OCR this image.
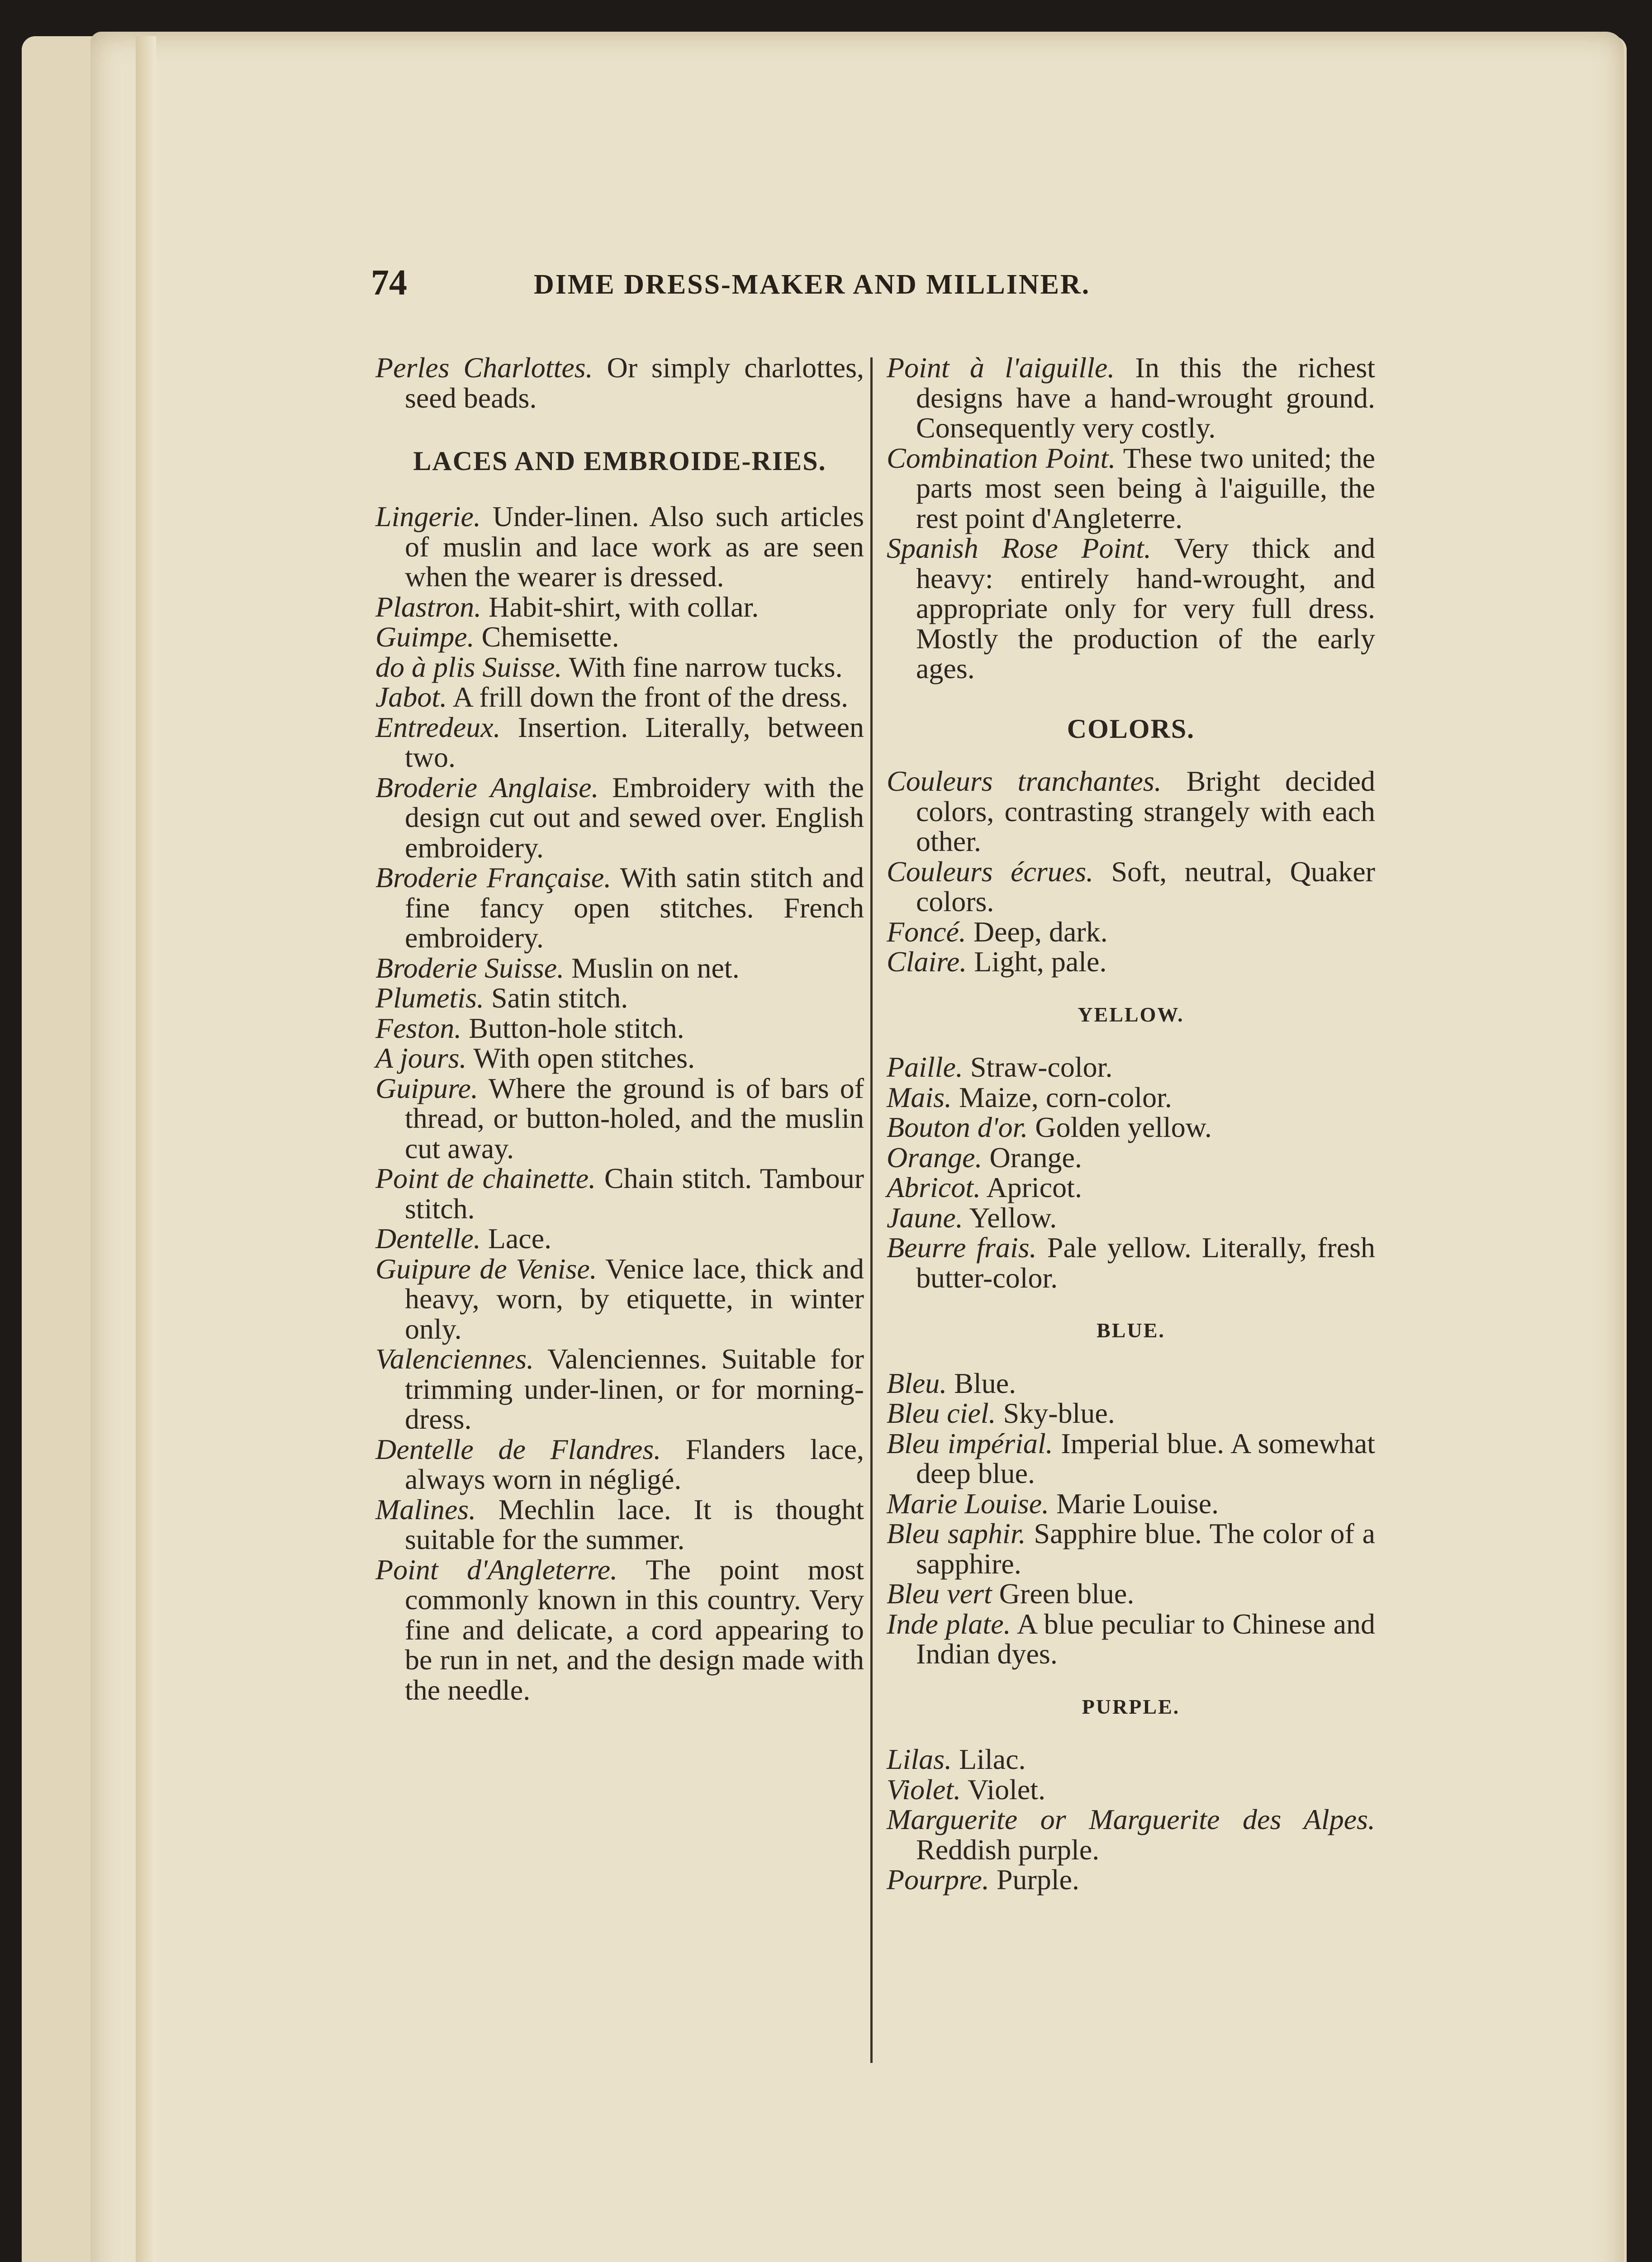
74	DIME DRESS-MAKER AND MILLINER.
Perles Charlottes. Or simply charlottes, seed beads.
LACES AND EMBROIDE-RIES.
Lingerie. Under-linen. Also such articles of muslin and lace work as are seen when the wearer is dressed.
Plastron. Habit-shirt, with collar.
Guimpe. Chemisette.
do à plis Suisse. With fine narrow tucks.
Jabot. A frill down the front of the dress.
Entredeux. Insertion. Literally, between two.
Broderie Anglaise. Embroidery with the design cut out and sewed over. English embroidery.
Broderie Française. With satin stitch and fine fancy open stitches. French embroidery.
Broderie Suisse. Muslin on net.
Plumetis. Satin stitch.
Feston. Button-hole stitch.
A jours. With open stitches.
Guipure. Where the ground is of bars of thread, or button-holed, and the muslin cut away.
Point de chainette. Chain stitch. Tambour stitch.
Dentelle. Lace.
Guipure de Venise. Venice lace, thick and heavy, worn, by etiquette, in winter only.
Valenciennes. Valenciennes. Suitable for trimming under-linen, or for morning-dress.
Dentelle de Flandres. Flanders lace, always worn in négligé.
Malines. Mechlin lace. It is thought suitable for the summer.
Point d'Angleterre. The point most commonly known in this country. Very fine and delicate, a cord appearing to be run in net, and the design made with the needle.
Point à l'aiguille. In this the richest designs have a hand-wrought ground. Consequently very costly.
Combination Point. These two united; the parts most seen being à l'aiguille, the rest point d'Angleterre.
Spanish Rose Point. Very thick and heavy: entirely hand-wrought, and appropriate only for very full dress. Mostly the production of the early ages.
COLORS.
Couleurs tranchantes. Bright decided colors, contrasting strangely with each other.
Couleurs écrues. Soft, neutral, Quaker colors.
Foncé. Deep, dark.
Claire. Light, pale.
YELLOW.
Paille. Straw-color.
Mais. Maize, corn-color.
Bouton d'or. Golden yellow.
Orange. Orange.
Abricot. Apricot.
Jaune. Yellow.
Beurre frais. Pale yellow. Literally, fresh butter-color.
BLUE.
Bleu. Blue.
Bleu ciel. Sky-blue.
Bleu impérial. Imperial blue. A somewhat deep blue.
Marie Louise. Marie Louise.
Bleu saphir. Sapphire blue. The color of a sapphire.
Bleu vert Green blue.
Inde plate. A blue peculiar to Chinese and Indian dyes.
PURPLE.
Lilas. Lilac.
Violet. Violet.
Marguerite or Marguerite des Alpes. Reddish purple.
Pourpre. Purple.
